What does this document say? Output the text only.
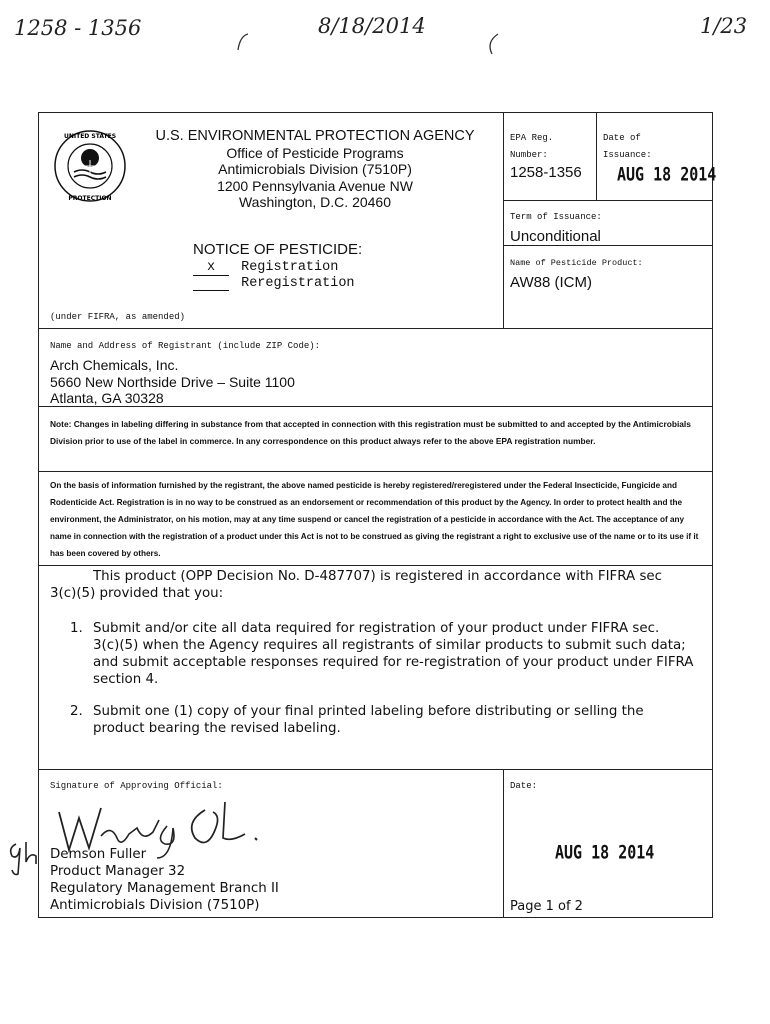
1258 - 1356	8/18/2014	1/23
UNITED STATES
PROTECTION
U.S. ENVIRONMENTAL PROTECTION AGENCY
Office of Pesticide Programs
Antimicrobials Division (7510P)
1200 Pennsylvania Avenue NW
Washington, D.C. 20460
NOTICE OF PESTICIDE:
x Registration
Reregistration
(under FIFRA, as amended)
EPA Reg.
Number:
1258-1356
Date of
Issuance:
AUG 18 2014
Term of Issuance:
Unconditional
Name of Pesticide Product:
AW88 (ICM)
Name and Address of Registrant (include ZIP Code):
Arch Chemicals, Inc.
5660 New Northside Drive – Suite 1100
Atlanta, GA 30328
Note: Changes in labeling differing in substance from that accepted in connection with this registration must be submitted to and accepted by the Antimicrobials Division prior to use of the label in commerce. In any correspondence on this product always refer to the above EPA registration number.
On the basis of information furnished by the registrant, the above named pesticide is hereby registered/reregistered under the Federal Insecticide, Fungicide and Rodenticide Act. Registration is in no way to be construed as an endorsement or recommendation of this product by the Agency. In order to protect health and the environment, the Administrator, on his motion, may at any time suspend or cancel the registration of a pesticide in accordance with the Act. The acceptance of any name in connection with the registration of a product under this Act is not to be construed as giving the registrant a right to exclusive use of the name or to its use if it has been covered by others.
This product (OPP Decision No. D-487707) is registered in accordance with FIFRA sec
3(c)(5) provided that you:
1. Submit and/or cite all data required for registration of your product under FIFRA sec.
3(c)(5) when the Agency requires all registrants of similar products to submit such data;
and submit acceptable responses required for re-registration of your product under FIFRA
section 4.
2. Submit one (1) copy of your final printed labeling before distributing or selling the
product bearing the revised labeling.
Signature of Approving Official:
Demson Fuller
Product Manager 32
Regulatory Management Branch II
Antimicrobials Division (7510P)
Date:
AUG 18 2014
Page 1 of 2
